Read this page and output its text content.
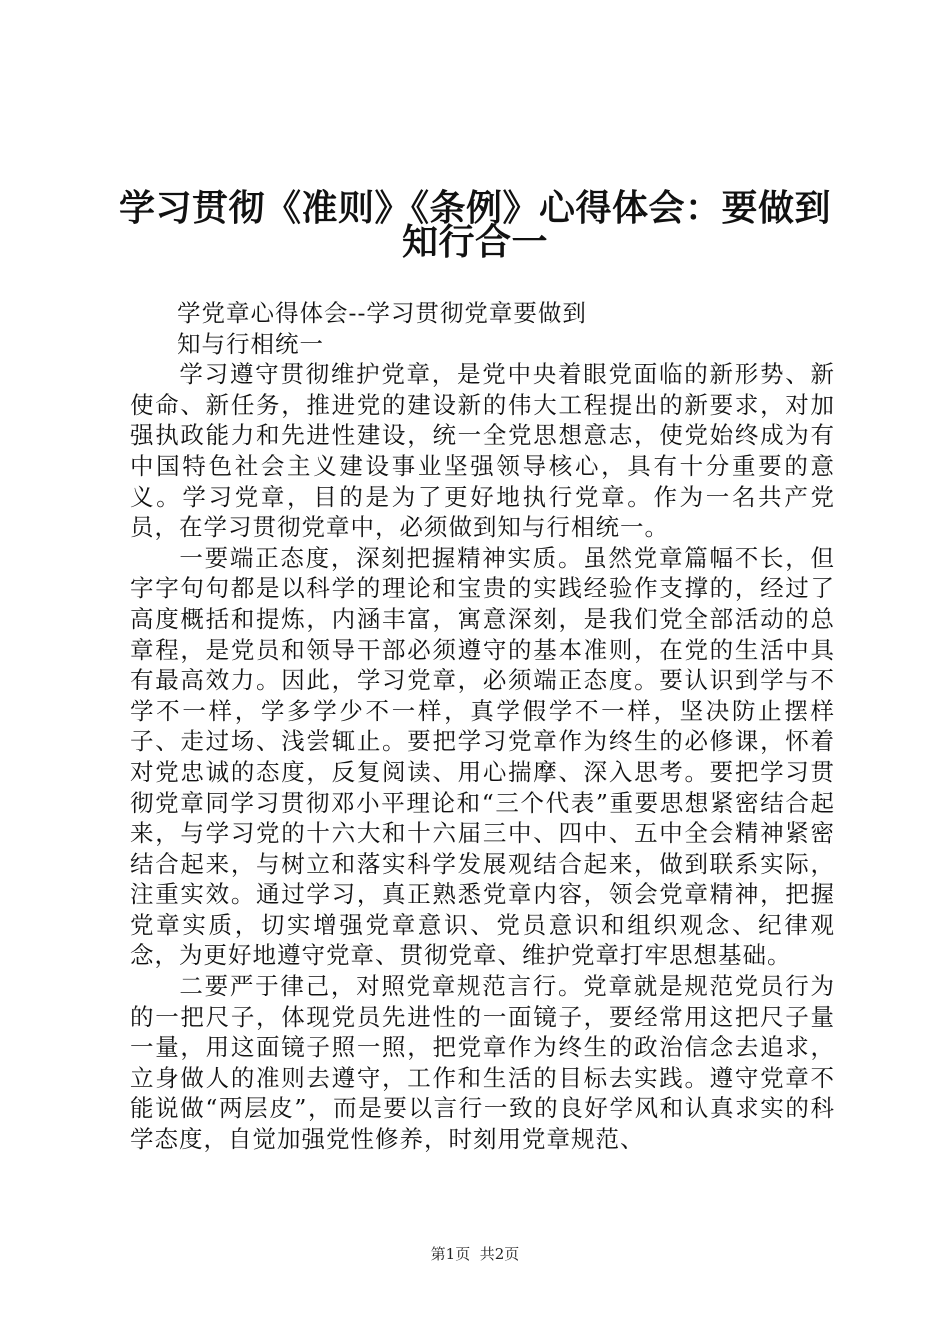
学习贯彻《准则》《条例》心得体会：要做到
知行合一
学党章心得体会--学习贯彻党章要做到
知与行相统一

学习遵守贯彻维护党章，是党中央着眼党面临的新形势、新使命、新任务，推进党的建设新的伟大工程提出的新要求，对加强执政能力和先进性建设，统一全党思想意志，使党始终成为有中国特色社会主义建设事业坚强领导核心，具有十分重要的意义。学习党章，目的是为了更好地执行党章。作为一名共产党员，在学习贯彻党章中，必须做到知与行相统一。

一要端正态度，深刻把握精神实质。虽然党章篇幅不长，但字字句句都是以科学的理论和宝贵的实践经验作支撑的，经过了高度概括和提炼，内涵丰富，寓意深刻，是我们党全部活动的总章程，是党员和领导干部必须遵守的基本准则，在党的生活中具有最高效力。因此，学习党章，必须端正态度。要认识到学与不学不一样，学多学少不一样，真学假学不一样，坚决防止摆样子、走过场、浅尝辄止。要把学习党章作为终生的必修课，怀着对党忠诚的态度，反复阅读、用心揣摩、深入思考。要把学习贯彻党章同学习贯彻邓小平理论和“三个代表”重要思想紧密结合起来，与学习党的十六大和十六届三中、四中、五中全会精神紧密结合起来，与树立和落实科学发展观结合起来，做到联系实际，注重实效。通过学习，真正熟悉党章内容，领会党章精神，把握党章实质，切实增强党章意识、党员意识和组织观念、纪律观念，为更好地遵守党章、贯彻党章、维护党章打牢思想基础。

二要严于律己，对照党章规范言行。党章就是规范党员行为的一把尺子，体现党员先进性的一面镜子，要经常用这把尺子量一量，用这面镜子照一照，把党章作为终生的政治信念去追求，立身做人的准则去遵守，工作和生活的目标去实践。遵守党章不能说做“两层皮”，而是要以言行一致的良好学风和认真求实的科学态度，自觉加强党性修养，时刻用党章规范、

第1页 共2页
